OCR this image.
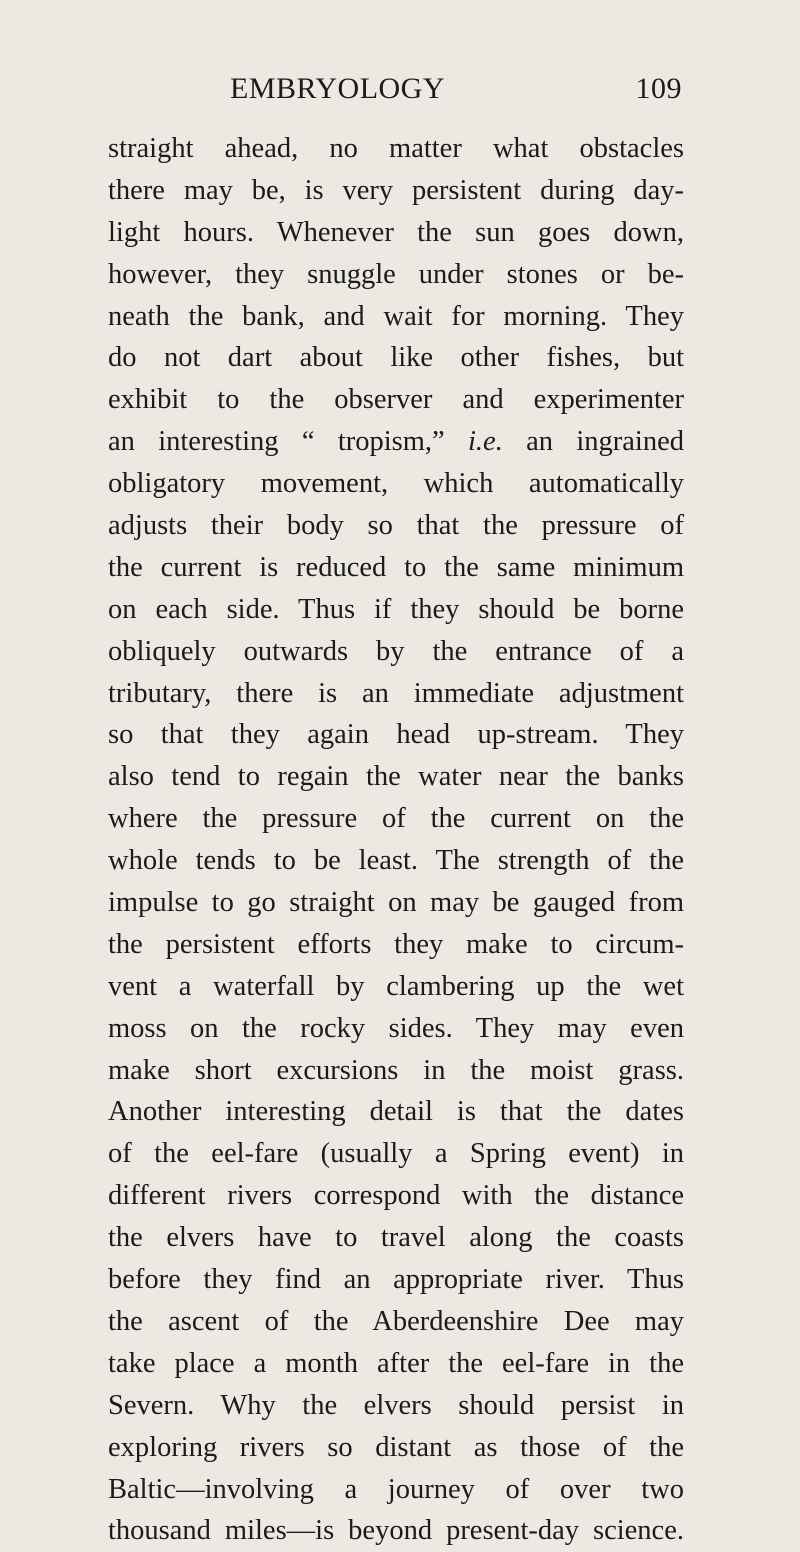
EMBRYOLOGY	109
straight ahead, no matter what obstacles
there may be, is very persistent during day-
light hours. Whenever the sun goes down,
however, they snuggle under stones or be-
neath the bank, and wait for morning. They
do not dart about like other fishes, but
exhibit to the observer and experimenter
an interesting “ tropism,” i.e. an ingrained
obligatory movement, which automatically
adjusts their body so that the pressure of
the current is reduced to the same minimum
on each side. Thus if they should be borne
obliquely outwards by the entrance of a
tributary, there is an immediate adjustment
so that they again head up-stream. They
also tend to regain the water near the banks
where the pressure of the current on the
whole tends to be least. The strength of the
impulse to go straight on may be gauged from
the persistent efforts they make to circum-
vent a waterfall by clambering up the wet
moss on the rocky sides. They may even
make short excursions in the moist grass.
Another interesting detail is that the dates
of the eel-fare (usually a Spring event) in
different rivers correspond with the distance
the elvers have to travel along the coasts
before they find an appropriate river. Thus
the ascent of the Aberdeenshire Dee may
take place a month after the eel-fare in the
Severn. Why the elvers should persist in
exploring rivers so distant as those of the
Baltic—involving a journey of over two
thousand miles—is beyond present-day science.
